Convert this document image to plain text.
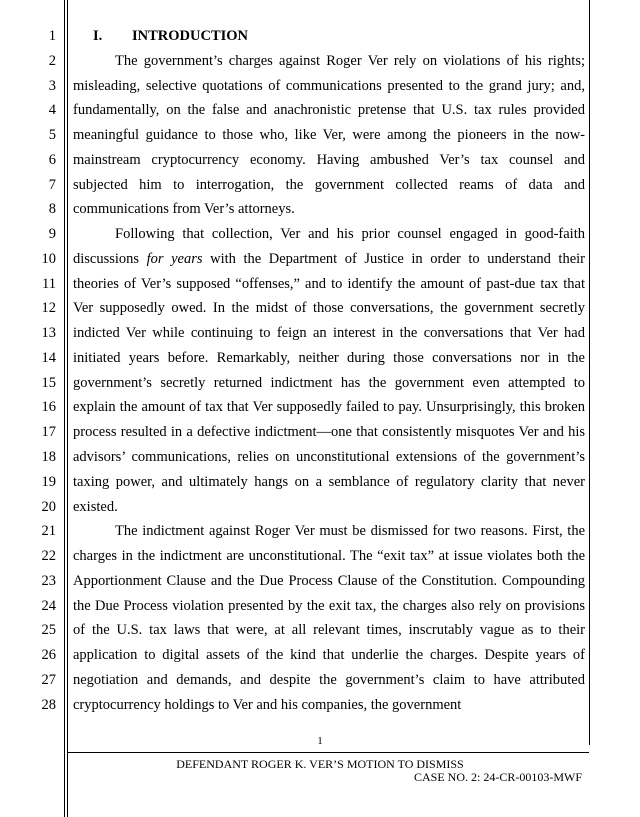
1
2
3
4
5
6
7
8
9
10
11
12
13
14
15
16
17
18
19
20
21
22
23
24
25
26
27
28
I. INTRODUCTION

The government’s charges against Roger Ver rely on violations of his rights; misleading, selective quotations of communications presented to the grand jury; and, fundamentally, on the false and anachronistic pretense that U.S. tax rules provided meaningful guidance to those who, like Ver, were among the pioneers in the now-mainstream cryptocurrency economy. Having ambushed Ver’s tax counsel and subjected him to interrogation, the government collected reams of data and communications from Ver’s attorneys.

Following that collection, Ver and his prior counsel engaged in good-faith discussions for years with the Department of Justice in order to understand their theories of Ver’s supposed “offenses,” and to identify the amount of past-due tax that Ver supposedly owed. In the midst of those conversations, the government secretly indicted Ver while continuing to feign an interest in the conversations that Ver had initiated years before. Remarkably, neither during those conversations nor in the government’s secretly returned indictment has the government even attempted to explain the amount of tax that Ver supposedly failed to pay. Unsurprisingly, this broken process resulted in a defective indictment—one that consistently misquotes Ver and his advisors’ communications, relies on unconstitutional extensions of the government’s taxing power, and ultimately hangs on a semblance of regulatory clarity that never existed.

The indictment against Roger Ver must be dismissed for two reasons. First, the charges in the indictment are unconstitutional. The “exit tax” at issue violates both the Apportionment Clause and the Due Process Clause of the Constitution. Compounding the Due Process violation presented by the exit tax, the charges also rely on provisions of the U.S. tax laws that were, at all relevant times, inscrutably vague as to their application to digital assets of the kind that underlie the charges. Despite years of negotiation and demands, and despite the government’s claim to have attributed cryptocurrency holdings to Ver and his companies, the government

1
DEFENDANT ROGER K. VER’S MOTION TO DISMISS
CASE NO. 2: 24-CR-00103-MWF
